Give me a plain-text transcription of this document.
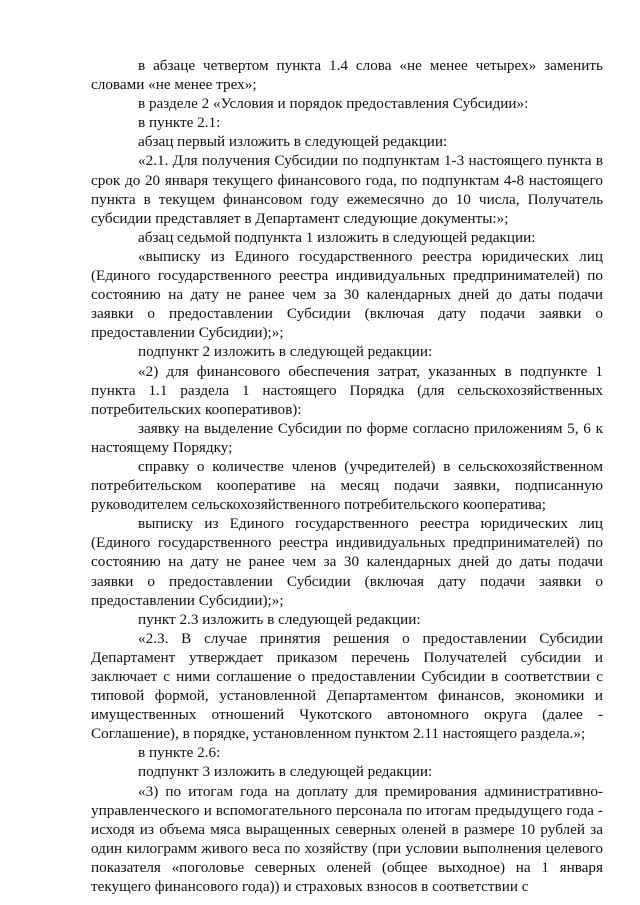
в абзаце четвертом пункта 1.4 слова «не менее четырех» заменить словами «не менее трех»;

в разделе 2 «Условия и порядок предоставления Субсидии»:

в пункте 2.1:

абзац первый изложить в следующей редакции:

«2.1. Для получения Субсидии по подпунктам 1-3 настоящего пункта в срок до 20 января текущего финансового года, по подпунктам 4-8 настоящего пункта в текущем финансовом году ежемесячно до 10 числа, Получатель субсидии представляет в Департамент следующие документы:»;

абзац седьмой подпункта 1 изложить в следующей редакции:

«выписку из Единого государственного реестра юридических лиц (Единого государственного реестра индивидуальных предпринимателей) по состоянию на дату не ранее чем за 30 календарных дней до даты подачи заявки о предоставлении Субсидии (включая дату подачи заявки о предоставлении Субсидии);»;

подпункт 2 изложить в следующей редакции:

«2) для финансового обеспечения затрат, указанных в подпункте 1 пункта 1.1 раздела 1 настоящего Порядка (для сельскохозяйственных потребительских кооперативов):

заявку на выделение Субсидии по форме согласно приложениям 5, 6 к настоящему Порядку;

справку о количестве членов (учредителей) в сельскохозяйственном потребительском кооперативе на месяц подачи заявки, подписанную руководителем сельскохозяйственного потребительского кооператива;

выписку из Единого государственного реестра юридических лиц (Единого государственного реестра индивидуальных предпринимателей) по состоянию на дату не ранее чем за 30 календарных дней до даты подачи заявки о предоставлении Субсидии (включая дату подачи заявки о предоставлении Субсидии);»;

пункт 2.3 изложить в следующей редакции:

«2.3. В случае принятия решения о предоставлении Субсидии Департамент утверждает приказом перечень Получателей субсидии и заключает с ними соглашение о предоставлении Субсидии в соответствии с типовой формой, установленной Департаментом финансов, экономики и имущественных отношений Чукотского автономного округа (далее - Соглашение), в порядке, установленном пунктом 2.11 настоящего раздела.»;

в пункте 2.6:

подпункт 3 изложить в следующей редакции:

«3) по итогам года на доплату для премирования административно-управленческого и вспомогательного персонала по итогам предыдущего года - исходя из объема мяса выращенных северных оленей в размере 10 рублей за один килограмм живого веса по хозяйству (при условии выполнения целевого показателя «поголовье северных оленей (общее выходное) на 1 января текущего финансового года)) и страховых взносов в соответствии с
